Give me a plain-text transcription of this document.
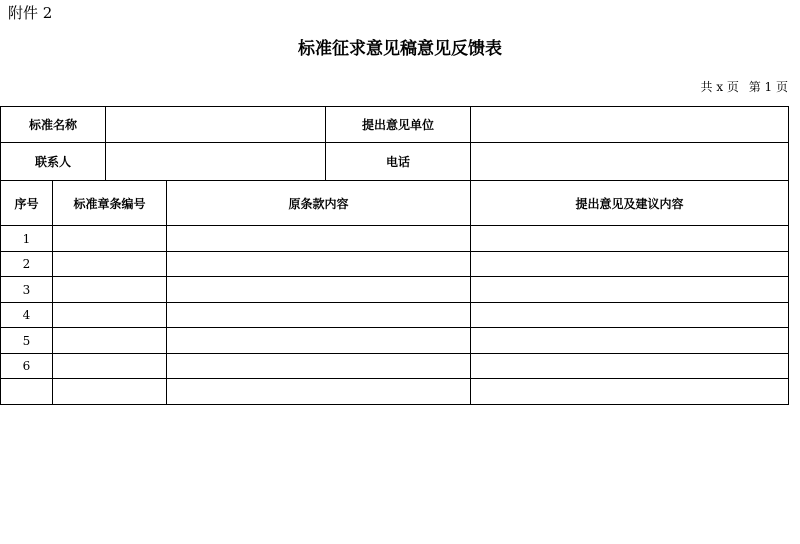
附件 2
标准征求意见稿意见反馈表
共 x 页 第 1 页
标准名称	提出意见单位
联系人	电话
序号	标准章条编号	原条款内容	提出意见及建议内容
1
2
3
4
5
6
